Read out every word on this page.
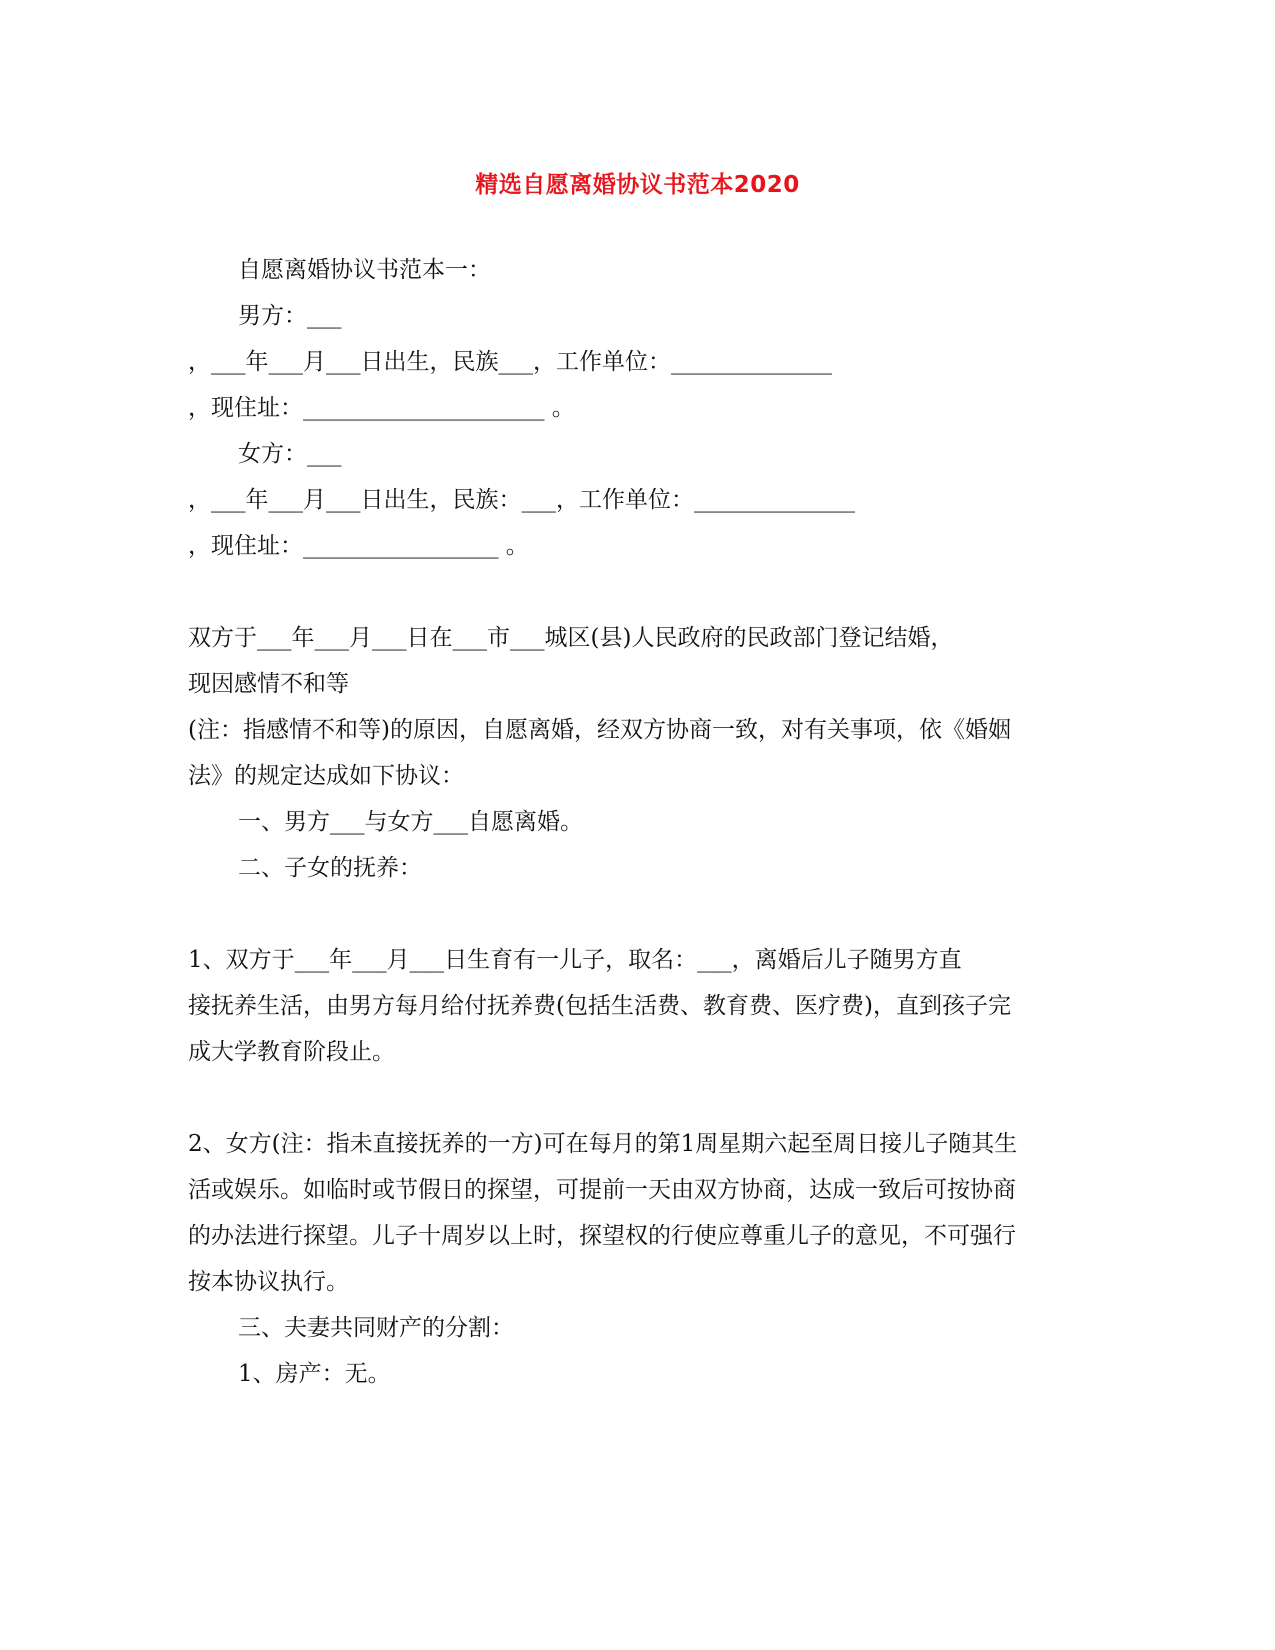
精选自愿离婚协议书范本2020
自愿离婚协议书范本一：
男方：___
，___年___月___日出生，民族___，工作单位：______________
，现住址：_____________________ 。
女方：___
，___年___月___日出生，民族：___，工作单位：______________
，现住址：_________________ 。
双方于___年___月___日在___市___城区(县)人民政府的民政部门登记结婚，
现因感情不和等
(注：指感情不和等)的原因，自愿离婚，经双方协商一致，对有关事项，依《婚姻
法》的规定达成如下协议：
一、男方___与女方___自愿离婚。
二、子女的抚养：
1、双方于___年___月___日生育有一儿子，取名：___，离婚后儿子随男方直
接抚养生活，由男方每月给付抚养费(包括生活费、教育费、医疗费)，直到孩子完
成大学教育阶段止。
2、女方(注：指未直接抚养的一方)可在每月的第1周星期六起至周日接儿子随其生
活或娱乐。如临时或节假日的探望，可提前一天由双方协商，达成一致后可按协商
的办法进行探望。儿子十周岁以上时，探望权的行使应尊重儿子的意见，不可强行
按本协议执行。
三、夫妻共同财产的分割：
1、房产：无。
